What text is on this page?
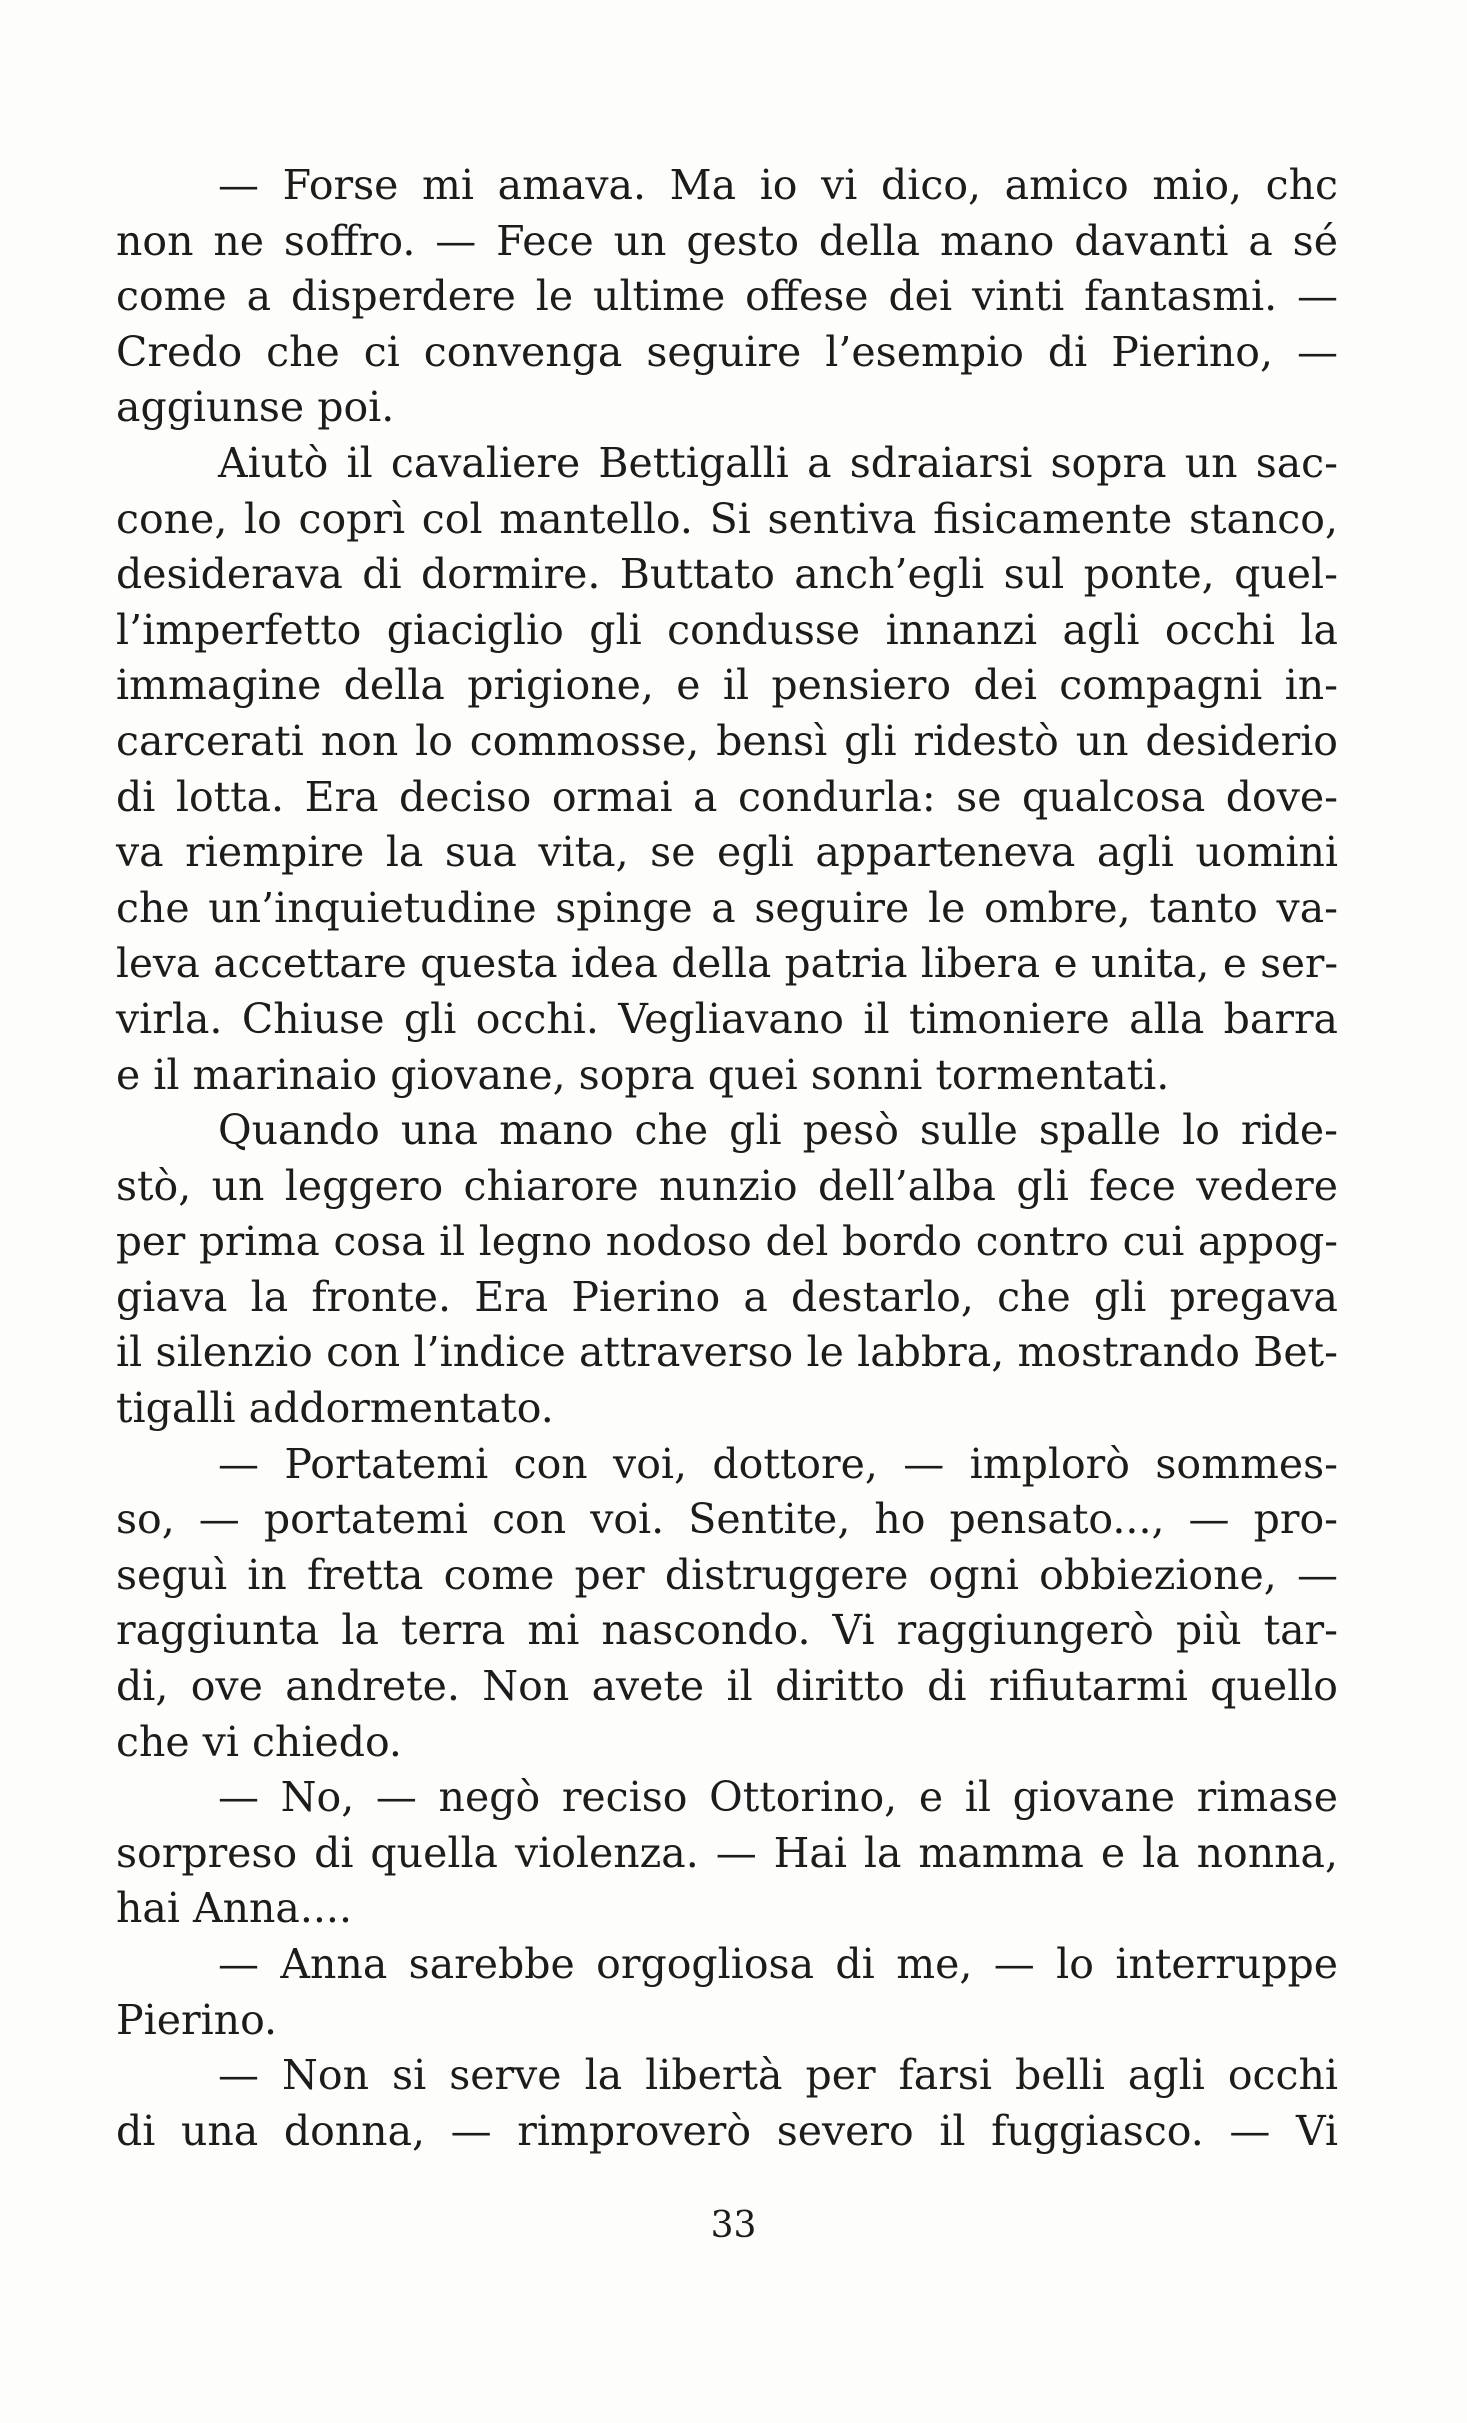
— Forse mi amava. Ma io vi dico, amico mio, chc
non ne soffro. — Fece un gesto della mano davanti a sé
come a disperdere le ultime offese dei vinti fantasmi. —
Credo che ci convenga seguire l’esempio di Pierino, —
aggiunse poi.
Aiutò il cavaliere Bettigalli a sdraiarsi sopra un sac-
cone, lo coprì col mantello. Si sentiva fisicamente stanco,
desiderava di dormire. Buttato anch’egli sul ponte, quel-
l’imperfetto giaciglio gli condusse innanzi agli occhi la
immagine della prigione, e il pensiero dei compagni in-
carcerati non lo commosse, bensì gli ridestò un desiderio
di lotta. Era deciso ormai a condurla: se qualcosa dove-
va riempire la sua vita, se egli apparteneva agli uomini
che un’inquietudine spinge a seguire le ombre, tanto va-
leva accettare questa idea della patria libera e unita, e ser-
virla. Chiuse gli occhi. Vegliavano il timoniere alla barra
e il marinaio giovane, sopra quei sonni tormentati.
Quando una mano che gli pesò sulle spalle lo ride-
stò, un leggero chiarore nunzio dell’alba gli fece vedere
per prima cosa il legno nodoso del bordo contro cui appog-
giava la fronte. Era Pierino a destarlo, che gli pregava
il silenzio con l’indice attraverso le labbra, mostrando Bet-
tigalli addormentato.
— Portatemi con voi, dottore, — implorò sommes-
so, — portatemi con voi. Sentite, ho pensato..., — pro-
seguì in fretta come per distruggere ogni obbiezione, —
raggiunta la terra mi nascondo. Vi raggiungerò più tar-
di, ove andrete. Non avete il diritto di rifiutarmi quello
che vi chiedo.
— No, — negò reciso Ottorino, e il giovane rimase
sorpreso di quella violenza. — Hai la mamma e la nonna,
hai Anna....
— Anna sarebbe orgogliosa di me, — lo interruppe
Pierino.
— Non si serve la libertà per farsi belli agli occhi
di una donna, — rimproverò severo il fuggiasco. — Vi
33
